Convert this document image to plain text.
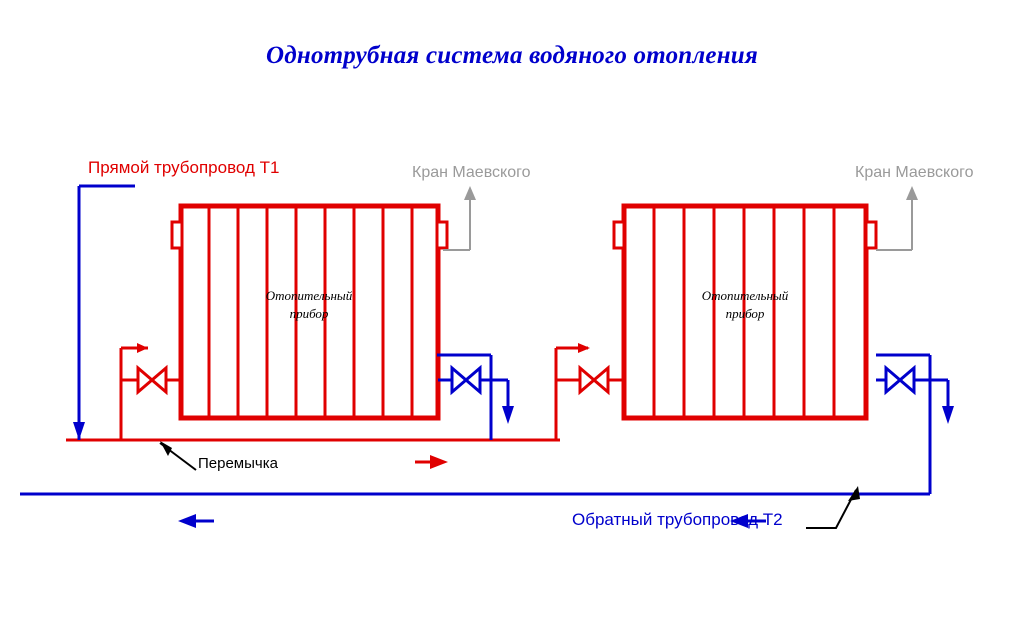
Однотрубная система водяного отопления
Прямой трубопровод Т1
Обратный трубопровод Т2
Перемычка
Кран Маевского	Кран Маевского
Отопительный
прибор
Отопительный
прибор
